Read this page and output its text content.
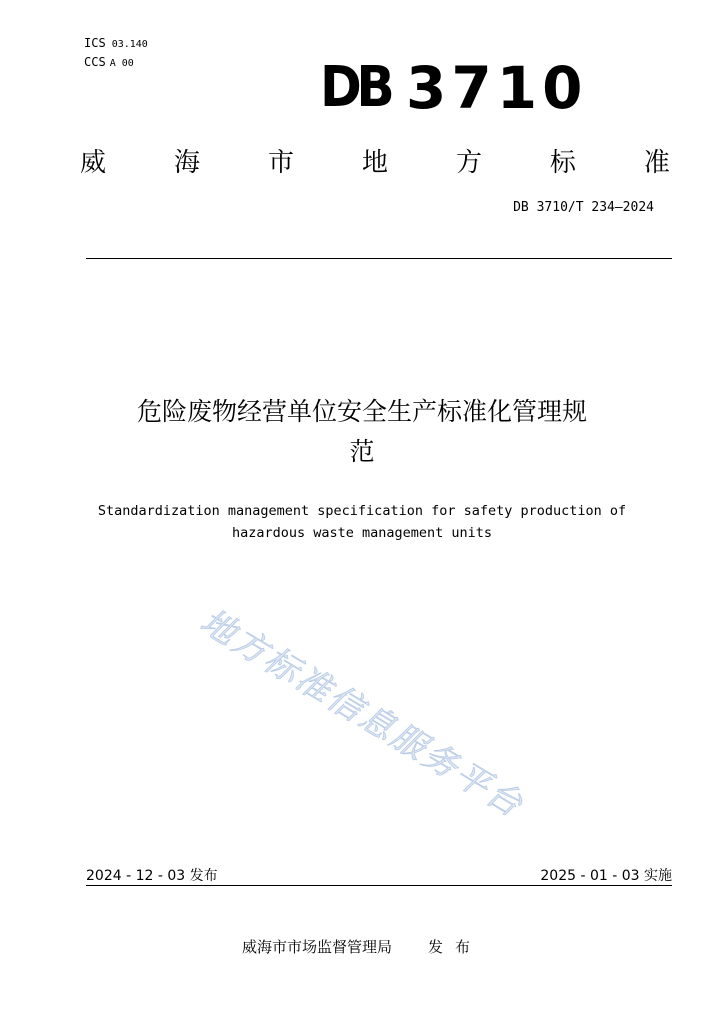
ICS 03.140
CCS A 00	DB 3710
威	海	市	地	方	标	准
DB 3710/T 234—2024
危险废物经营单位安全生产标准化管理规
范
Standardization management specification for safety production of
hazardous waste management units
地方标准信息服务平台
2024 - 12 - 03 发布	2025 - 01 - 03 实施
威海市市场监督管理局 发 布
